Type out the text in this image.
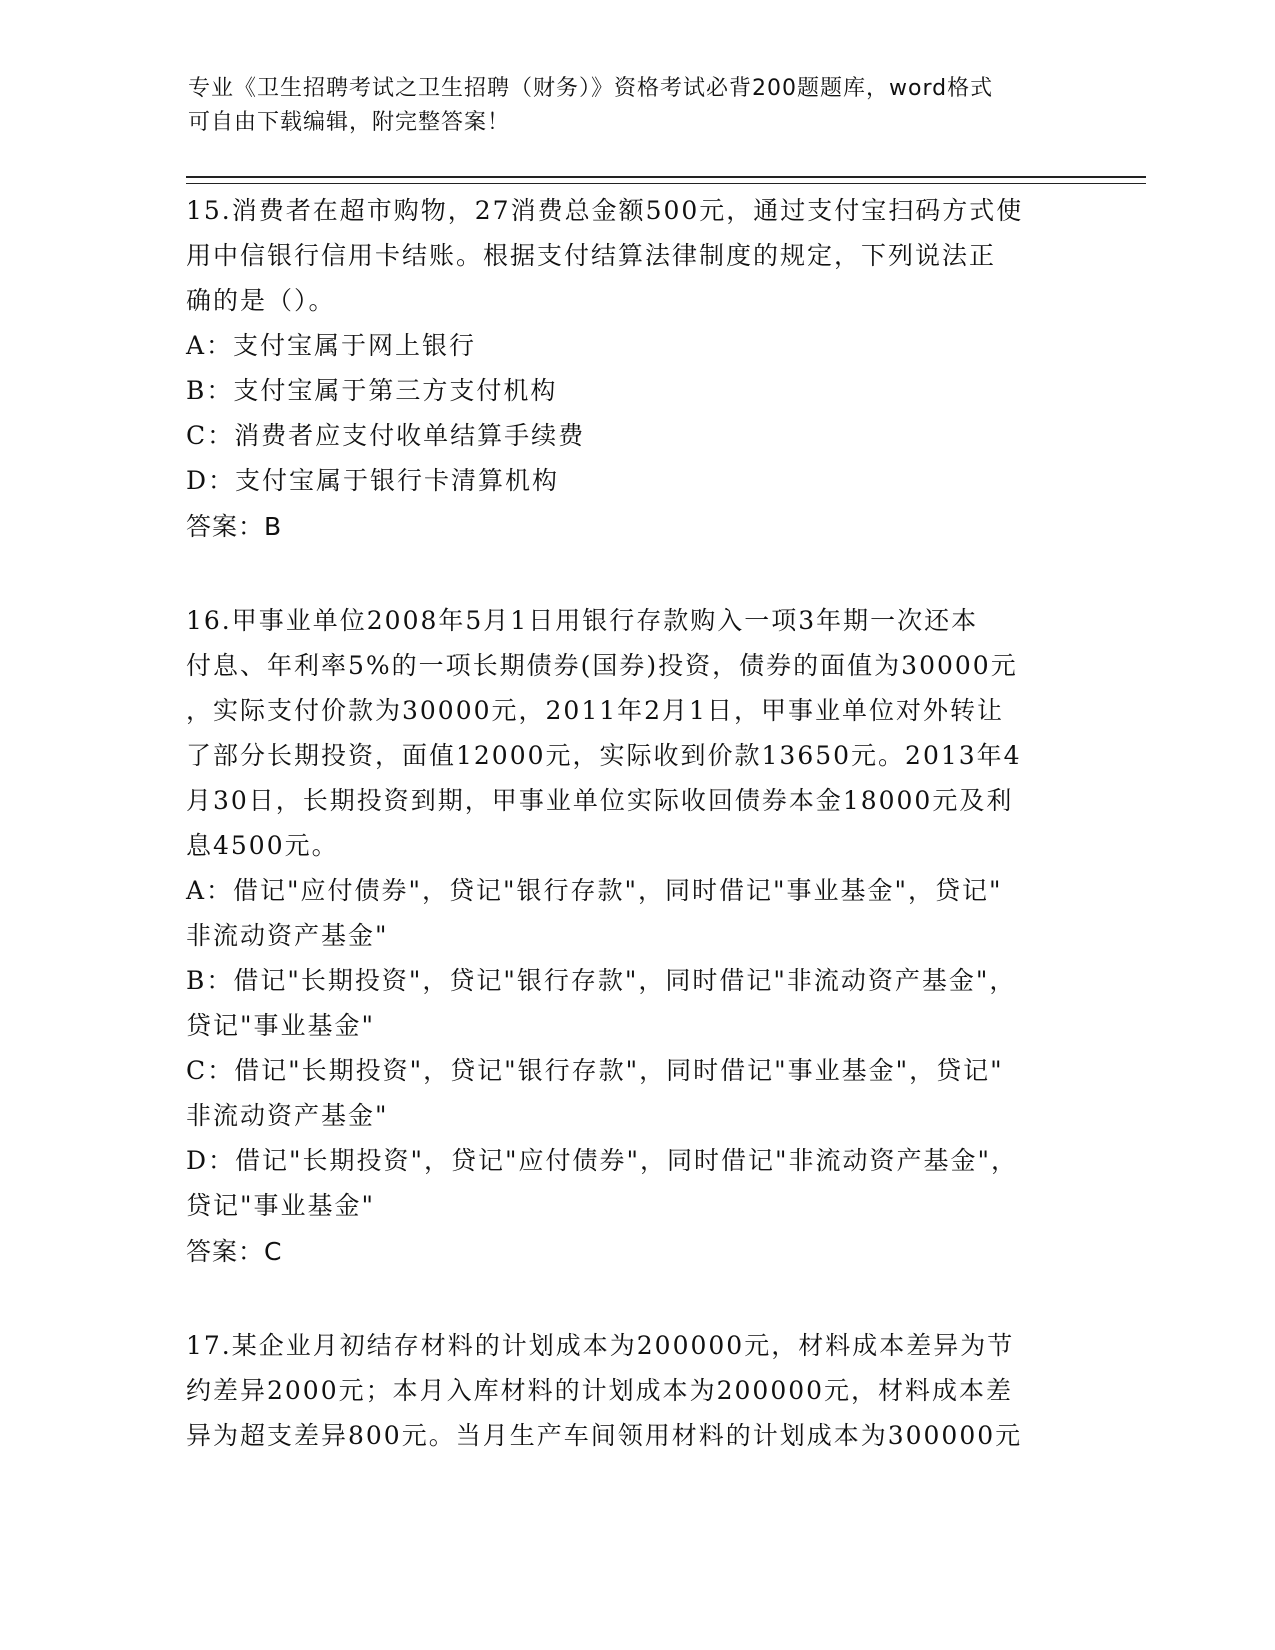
专业《卫生招聘考试之卫生招聘（财务）》资格考试必背200题题库，word格式
可自由下载编辑，附完整答案！
15.消费者在超市购物，27消费总金额500元，通过支付宝扫码方式使
用中信银行信用卡结账。根据支付结算法律制度的规定，下列说法正
确的是（）。
A：支付宝属于网上银行
B：支付宝属于第三方支付机构
C：消费者应支付收单结算手续费
D：支付宝属于银行卡清算机构
答案：B
16.甲事业单位2008年5月1日用银行存款购入一项3年期一次还本
付息、年利率5%的一项长期债券(国券)投资，债券的面值为30000元
，实际支付价款为30000元，2011年2月1日，甲事业单位对外转让
了部分长期投资，面值12000元，实际收到价款13650元。2013年4
月30日，长期投资到期，甲事业单位实际收回债券本金18000元及利
息4500元。
A：借记"应付债券"，贷记"银行存款"，同时借记"事业基金"，贷记"
非流动资产基金"
B：借记"长期投资"，贷记"银行存款"，同时借记"非流动资产基金"，
贷记"事业基金"
C：借记"长期投资"，贷记"银行存款"，同时借记"事业基金"，贷记"
非流动资产基金"
D：借记"长期投资"，贷记"应付债券"，同时借记"非流动资产基金"，
贷记"事业基金"
答案：C
17.某企业月初结存材料的计划成本为200000元，材料成本差异为节
约差异2000元；本月入库材料的计划成本为200000元，材料成本差
异为超支差异800元。当月生产车间领用材料的计划成本为300000元
